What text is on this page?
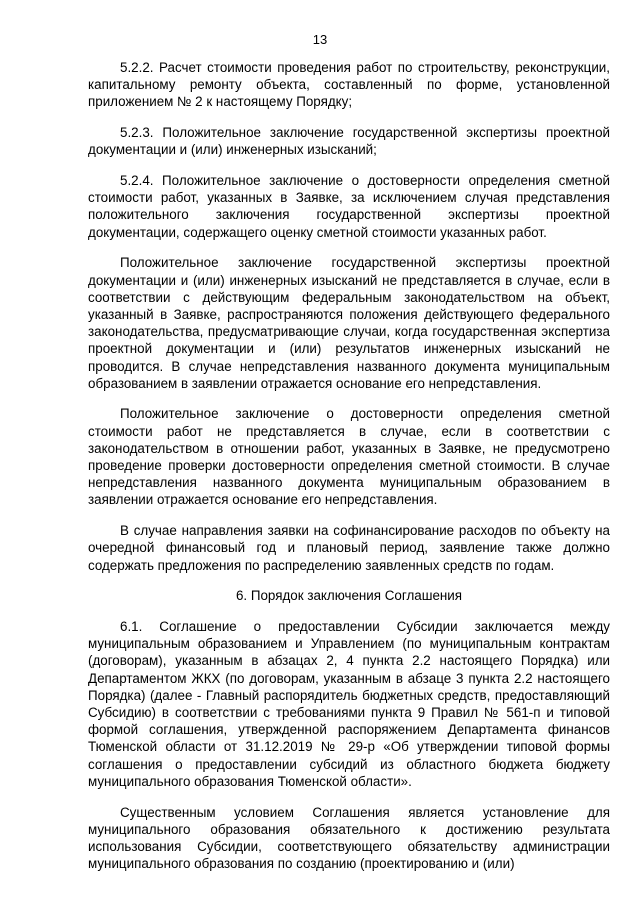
13

5.2.2. Расчет стоимости проведения работ по строительству, реконструкции, капитальному ремонту объекта, составленный по форме, установленной приложением № 2 к настоящему Порядку;

5.2.3. Положительное заключение государственной экспертизы проектной документации и (или) инженерных изысканий;

5.2.4. Положительное заключение о достоверности определения сметной стоимости работ, указанных в Заявке, за исключением случая представления положительного заключения государственной экспертизы проектной документации, содержащего оценку сметной стоимости указанных работ.

Положительное заключение государственной экспертизы проектной документации и (или) инженерных изысканий не представляется в случае, если в соответствии с действующим федеральным законодательством на объект, указанный в Заявке, распространяются положения действующего федерального законодательства, предусматривающие случаи, когда государственная экспертиза проектной документации и (или) результатов инженерных изысканий не проводится. В случае непредставления названного документа муниципальным образованием в заявлении отражается основание его непредставления.

Положительное заключение о достоверности определения сметной стоимости работ не представляется в случае, если в соответствии с законодательством в отношении работ, указанных в Заявке, не предусмотрено проведение проверки достоверности определения сметной стоимости. В случае непредставления названного документа муниципальным образованием в заявлении отражается основание его непредставления.

В случае направления заявки на софинансирование расходов по объекту на очередной финансовый год и плановый период, заявление также должно содержать предложения по распределению заявленных средств по годам.

6. Порядок заключения Соглашения

6.1. Соглашение о предоставлении Субсидии заключается между муниципальным образованием и Управлением (по муниципальным контрактам (договорам), указанным в абзацах 2, 4 пункта 2.2 настоящего Порядка) или Департаментом ЖКХ (по договорам, указанным в абзаце 3 пункта 2.2 настоящего Порядка) (далее - Главный распорядитель бюджетных средств, предоставляющий Субсидию) в соответствии с требованиями пункта 9 Правил № 561-п и типовой формой соглашения, утвержденной распоряжением Департамента финансов Тюменской области от 31.12.2019 № 29-р «Об утверждении типовой формы соглашения о предоставлении субсидий из областного бюджета бюджету муниципального образования Тюменской области».

Существенным условием Соглашения является установление для муниципального образования обязательного к достижению результата использования Субсидии, соответствующего обязательству администрации муниципального образования по созданию (проектированию и (или)
